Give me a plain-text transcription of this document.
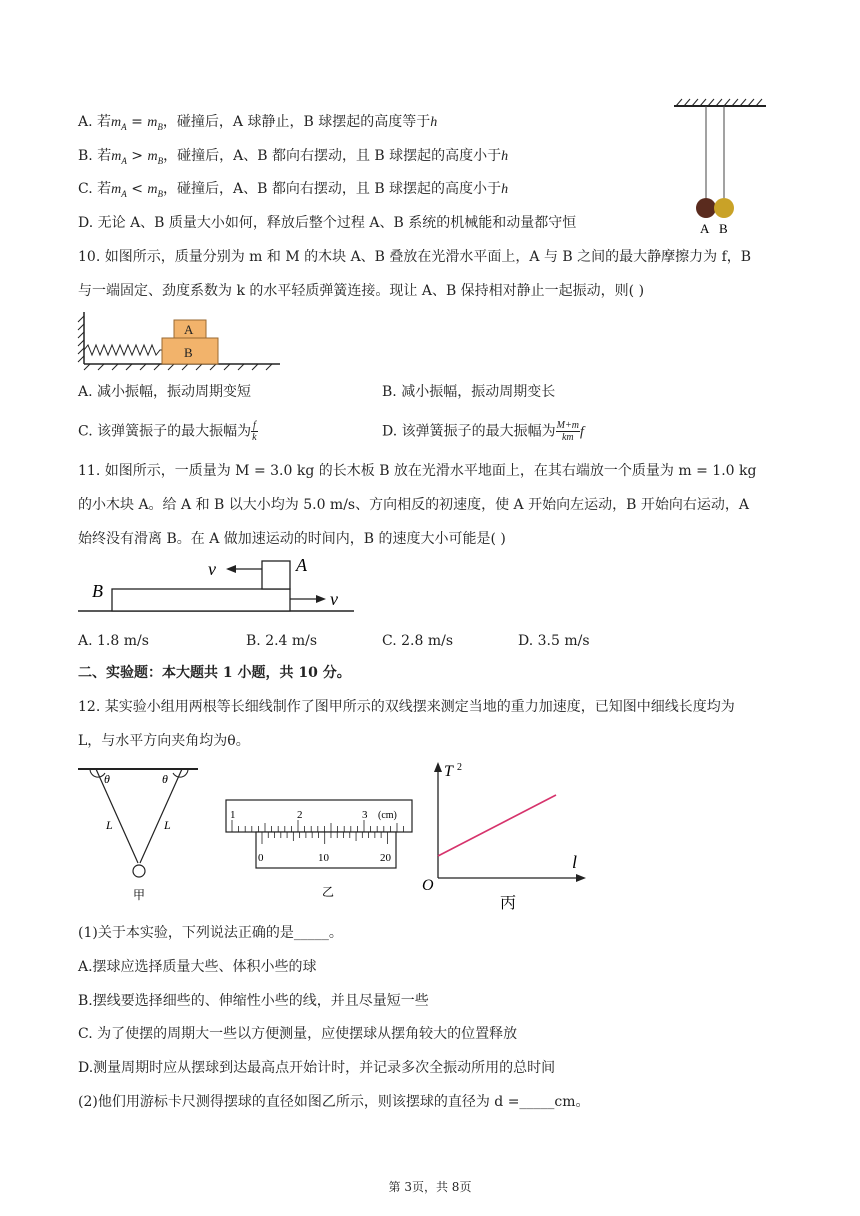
A. 若$m_A = m_B$，碰撞后，A 球静止，B 球摆起的高度等于h
B. 若$m_A > m_B$，碰撞后，A、B 都向右摆动，且 B 球摆起的高度小于h
C. 若$m_A < m_B$，碰撞后，A、B 都向右摆动，且 B 球摆起的高度小于h
D. 无论 A、B 质量大小如何，释放后整个过程 A、B 系统的机械能和动量都守恒	A B
10. 如图所示，质量分别为 m 和 M 的木块 A、B 叠放在光滑水平面上，A 与 B 之间的最大静摩擦力为 f，B
与一端固定、劲度系数为 k 的水平轻质弹簧连接。现让 A、B 保持相对静止一起振动，则( )
A
B
A. 减小振幅，振动周期变短	B. 减小振幅，振动周期变长
C. 该弹簧振子的最大振幅为 $\frac{f}{k}$	D. 该弹簧振子的最大振幅为 $\frac{M+m}{km}$ f
11. 如图所示，一质量为 M = 3.0 kg 的长木板 B 放在光滑水平地面上，在其右端放一个质量为 m = 1.0 kg
的小木块 A。给 A 和 B 以大小均为 5.0 m/s、方向相反的初速度，使 A 开始向左运动，B 开始向右运动，A
始终没有滑离 B。在 A 做加速运动的时间内，B 的速度大小可能是( )
v	A
B	v
A. 1.8 m/s	B. 2.4 m/s	C. 2.8 m/s	D. 3.5 m/s
二、实验题：本大题共 1 小题，共 10 分。
12. 某实验小组用两根等长细线制作了图甲所示的双线摆来测定当地的重力加速度，已知图中细线长度均为
L，与水平方向夹角均为θ。
θ	θ
L	L
甲
1	2	3 (cm)
0	10	20
乙
T 2
l
O
丙
(1)关于本实验，下列说法正确的是_____。
A.摆球应选择质量大些、体积小些的球
B.摆线要选择细些的、伸缩性小些的线，并且尽量短一些
C. 为了使摆的周期大一些以方便测量，应使摆球从摆角较大的位置释放
D.测量周期时应从摆球到达最高点开始计时，并记录多次全振动所用的总时间
(2)他们用游标卡尺测得摆球的直径如图乙所示，则该摆球的直径为 d =_____cm。
第 3页，共 8页
